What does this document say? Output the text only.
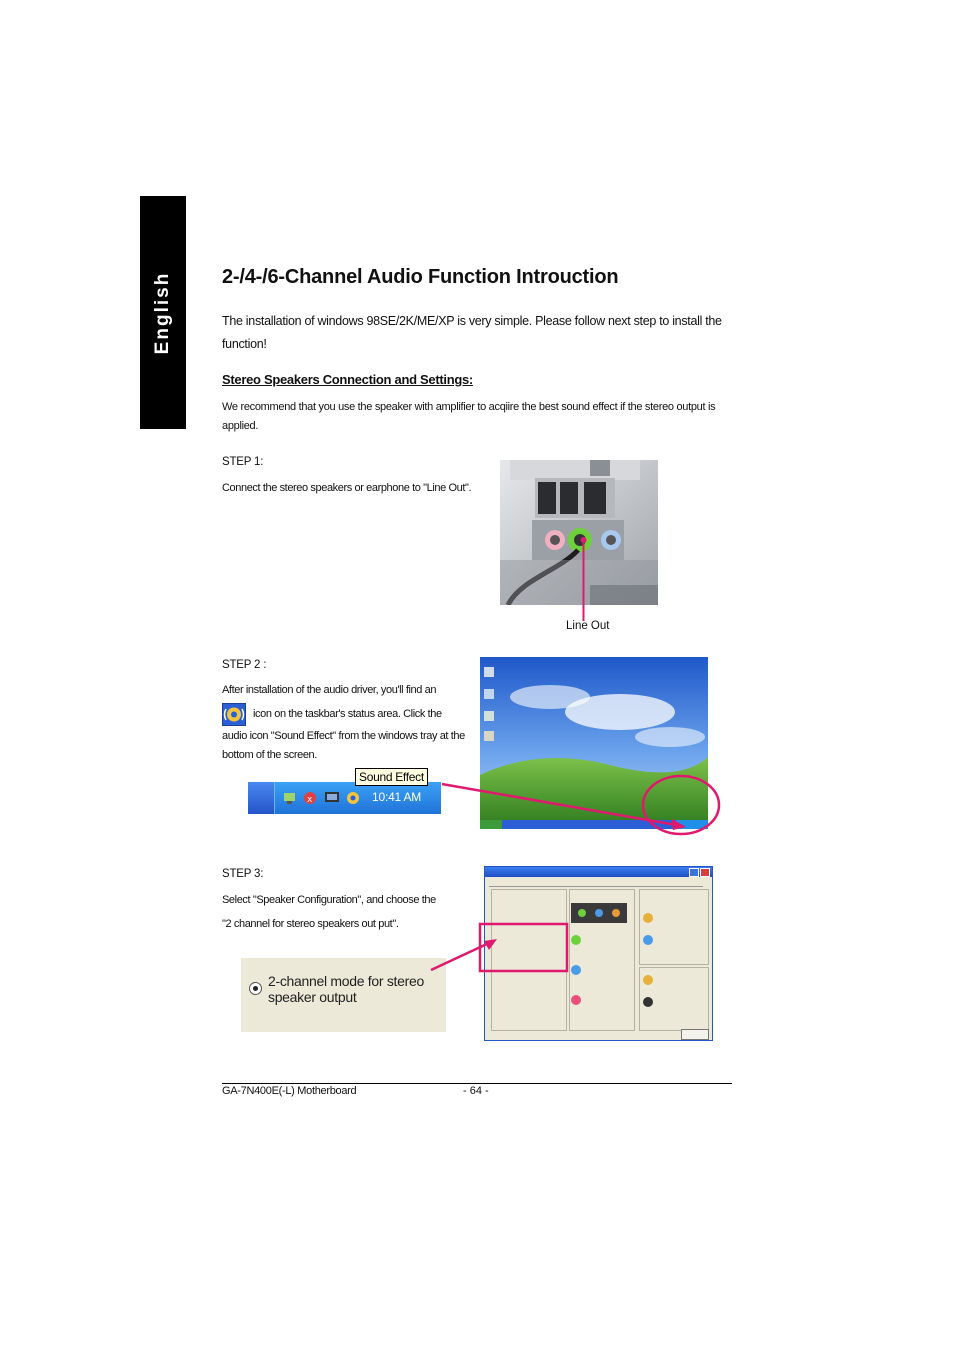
English 2-/4-/6-Channel Audio Function Introuction
The installation of windows 98SE/2K/ME/XP is very simple. Please follow next step to install the function!
Stereo Speakers Connection and Settings:
We recommend that you use the speaker with amplifier to acqiire the best sound effect if the stereo output is applied.
STEP 1:
Connect the stereo speakers or earphone to "Line Out".
Line Out
STEP 2 :
After installation of the audio driver, you'll find an
icon on the taskbar's status area. Click the
audio icon "Sound Effect" from the windows tray at the bottom of the screen.
Sound Effect
x	10:41 AM
STEP 3:
Select "Speaker Configuration", and choose the
"2 channel for stereo speakers out put".
2-channel mode for stereo speaker output
GA-7N400E(-L) Motherboard	- 64 -
